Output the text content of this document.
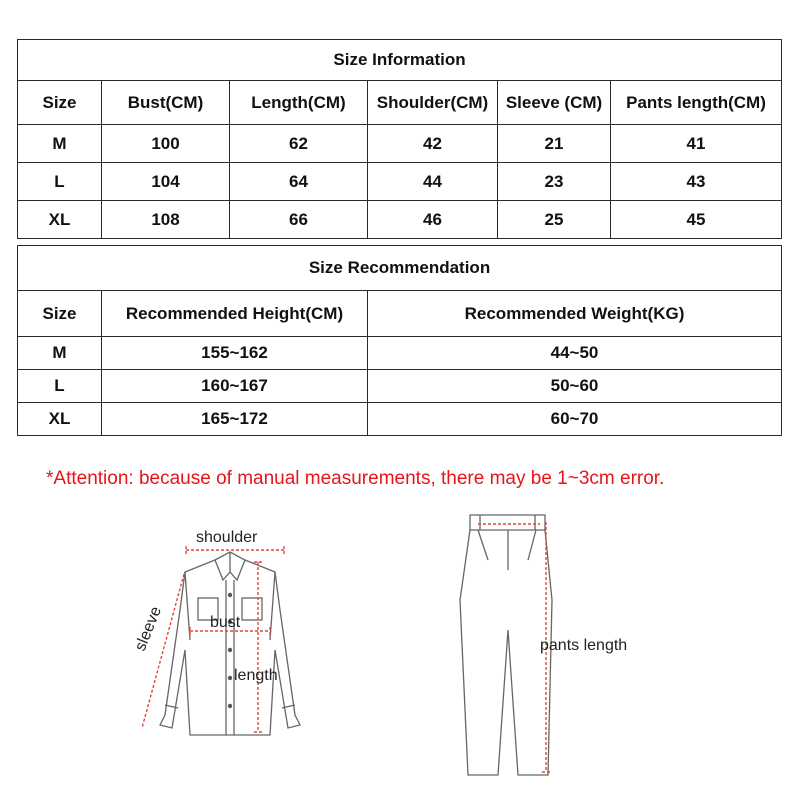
Size Information					
Size	Bust(CM)	Length(CM)	Shoulder(CM)	Sleeve (CM)	Pants length(CM)
M	100	62	42	21	41
L	104	64	44	23	43
XL	108	66	46	25	45
Size Recommendation		
Size	Recommended Height(CM)	Recommended Weight(KG)
M	155~162	44~50
L	160~167	50~60
XL	165~172	60~70
*Attention: because of manual measurements, there may be 1~3cm error.
shoulder
bust
length
sleeve	pants length
